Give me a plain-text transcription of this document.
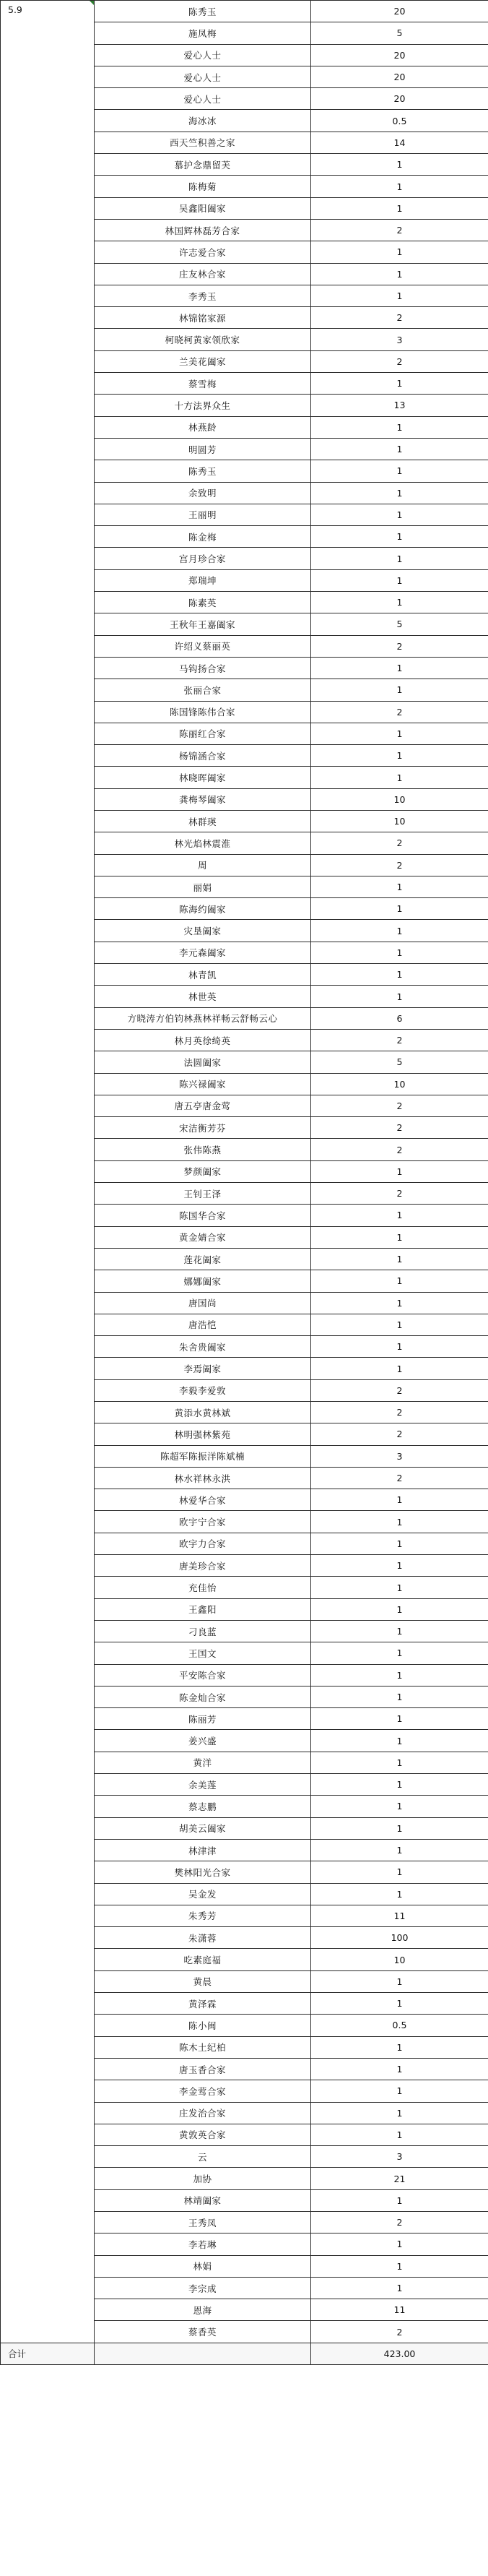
5.9	陈秀玉	20
	施凤梅	5
	爱心人士	20
	爱心人士	20
	爱心人士	20
	海冰冰	0.5
	西天竺积善之家	14
	慕护念鼎留芙	1
	陈梅菊	1
	吴鑫阳阖家	1
	林国辉林磊芳合家	2
	许志爱合家	1
	庄友林合家	1
	李秀玉	1
	林锦铭家源	2
	柯晓柯黄家领欣家	3
	兰美花阖家	2
	蔡雪梅	1
	十方法界众生	13
	林燕龄	1
	明圆芳	1
	陈秀玉	1
	余致明	1
	王丽明	1
	陈金梅	1
	宫月珍合家	1
	郑瑞坤	1
	陈素英	1
	王秋年王嘉阖家	5
	许绍义蔡丽英	2
	马钩扬合家	1
	张丽合家	1
	陈国锋陈伟合家	2
	陈丽红合家	1
	杨锦涵合家	1
	林晓晖阖家	1
	龚梅琴阖家	10
	林群瑛	10
	林光焰林震淮	2
	周	2
	丽娟	1
	陈海约阖家	1
	灾垦阖家	1
	李元森阖家	1
	林青凯	1
	林世英	1
	方晓涛方伯钧林燕林祥畅云舒畅云心	6
	林月英徐绮英	2
	法圆阖家	5
	陈兴禄阖家	10
	唐五亭唐金莺	2
	宋洁衡芳芬	2
	张伟陈燕	2
	梦颜阖家	1
	王钊王泽	2
	陈国华合家	1
	黄金婧合家	1
	莲花阖家	1
	娜娜阖家	1
	唐国尚	1
	唐浩恺	1
	朱舍贵阖家	1
	李焉阖家	1
	李毅李爱敦	2
	黄添水黄林斌	2
	林明强林紫苑	2
	陈超军陈振洋陈斌楠	3
	林水祥林永洪	2
	林爱华合家	1
	欧宇宁合家	1
	欧宇力合家	1
	唐美珍合家	1
	充佳怡	1
	王鑫阳	1
	刁良蓝	1
	王国文	1
	平安陈合家	1
	陈金灿合家	1
	陈丽芳	1
	姜兴盛	1
	黄洋	1
	余美莲	1
	蔡志鹏	1
	胡美云阖家	1
	林津津	1
	樊林阳光合家	1
	吴金发	1
	朱秀芳	11
	朱潇蓉	100
	吃素庭福	10
	黄晨	1
	黄泽霖	1
	陈小闽	0.5
	陈木土纪柏	1
	唐玉香合家	1
	李金莺合家	1
	庄发治合家	1
	黄敦英合家	1
	云	3
	加协	21
	林靖阖家	1
	王秀凤	2
	李若琳	1
	林娟	1
	李宗成	1
	恩海	11
	蔡香英	2
合计		423.00
